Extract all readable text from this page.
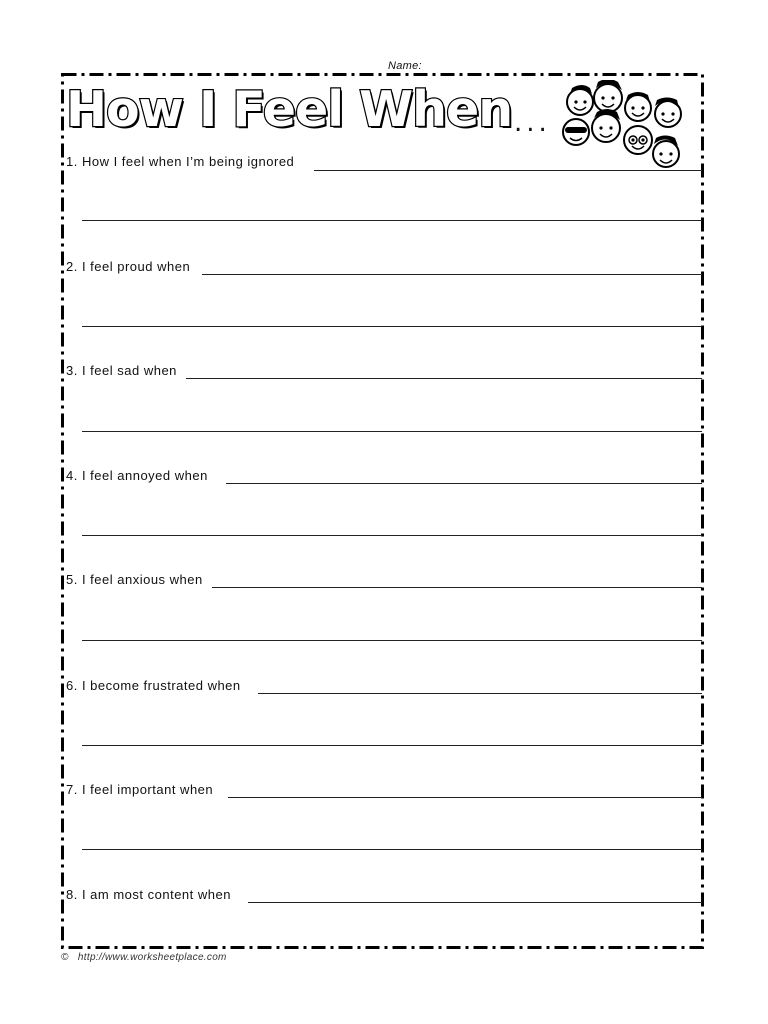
Name:
How I Feel When ...
1. How I feel when I’m being ignored
2. I feel proud when
3. I feel sad when
4. I feel annoyed when
5. I feel anxious when
6. I become frustrated when
7. I feel important when
8. I am most content when
© http://www.worksheetplace.com
